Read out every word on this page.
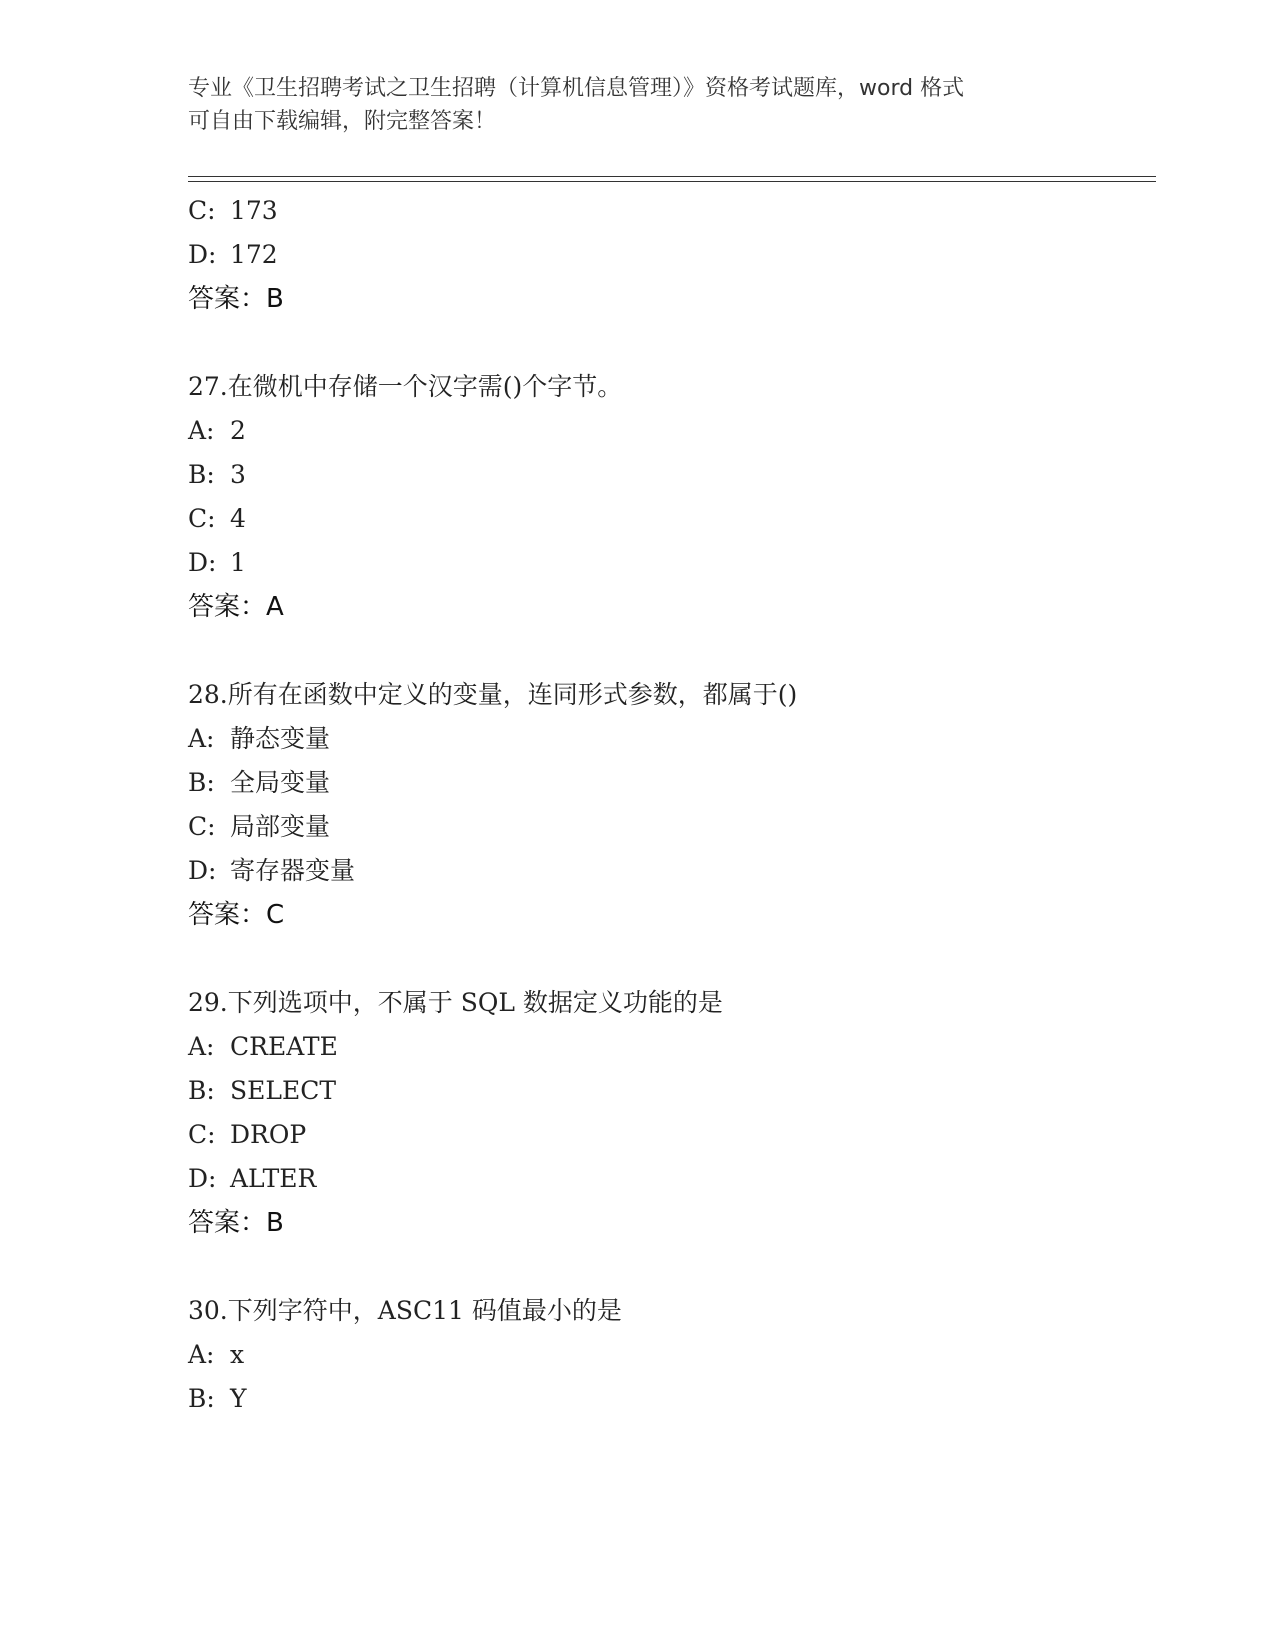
专业《卫生招聘考试之卫生招聘（计算机信息管理）》资格考试题库，word 格式
可自由下载编辑，附完整答案！
C: 173
D: 172
答案：B
27.在微机中存储一个汉字需()个字节。
A: 2
B: 3
C: 4
D: 1
答案：A
28.所有在函数中定义的变量，连同形式参数，都属于()
A: 静态变量
B: 全局变量
C: 局部变量
D: 寄存器变量
答案：C
29.下列选项中，不属于 SQL 数据定义功能的是
A: CREATE
B: SELECT
C: DROP
D: ALTER
答案：B
30.下列字符中，ASC11 码值最小的是
A: x
B: Y
